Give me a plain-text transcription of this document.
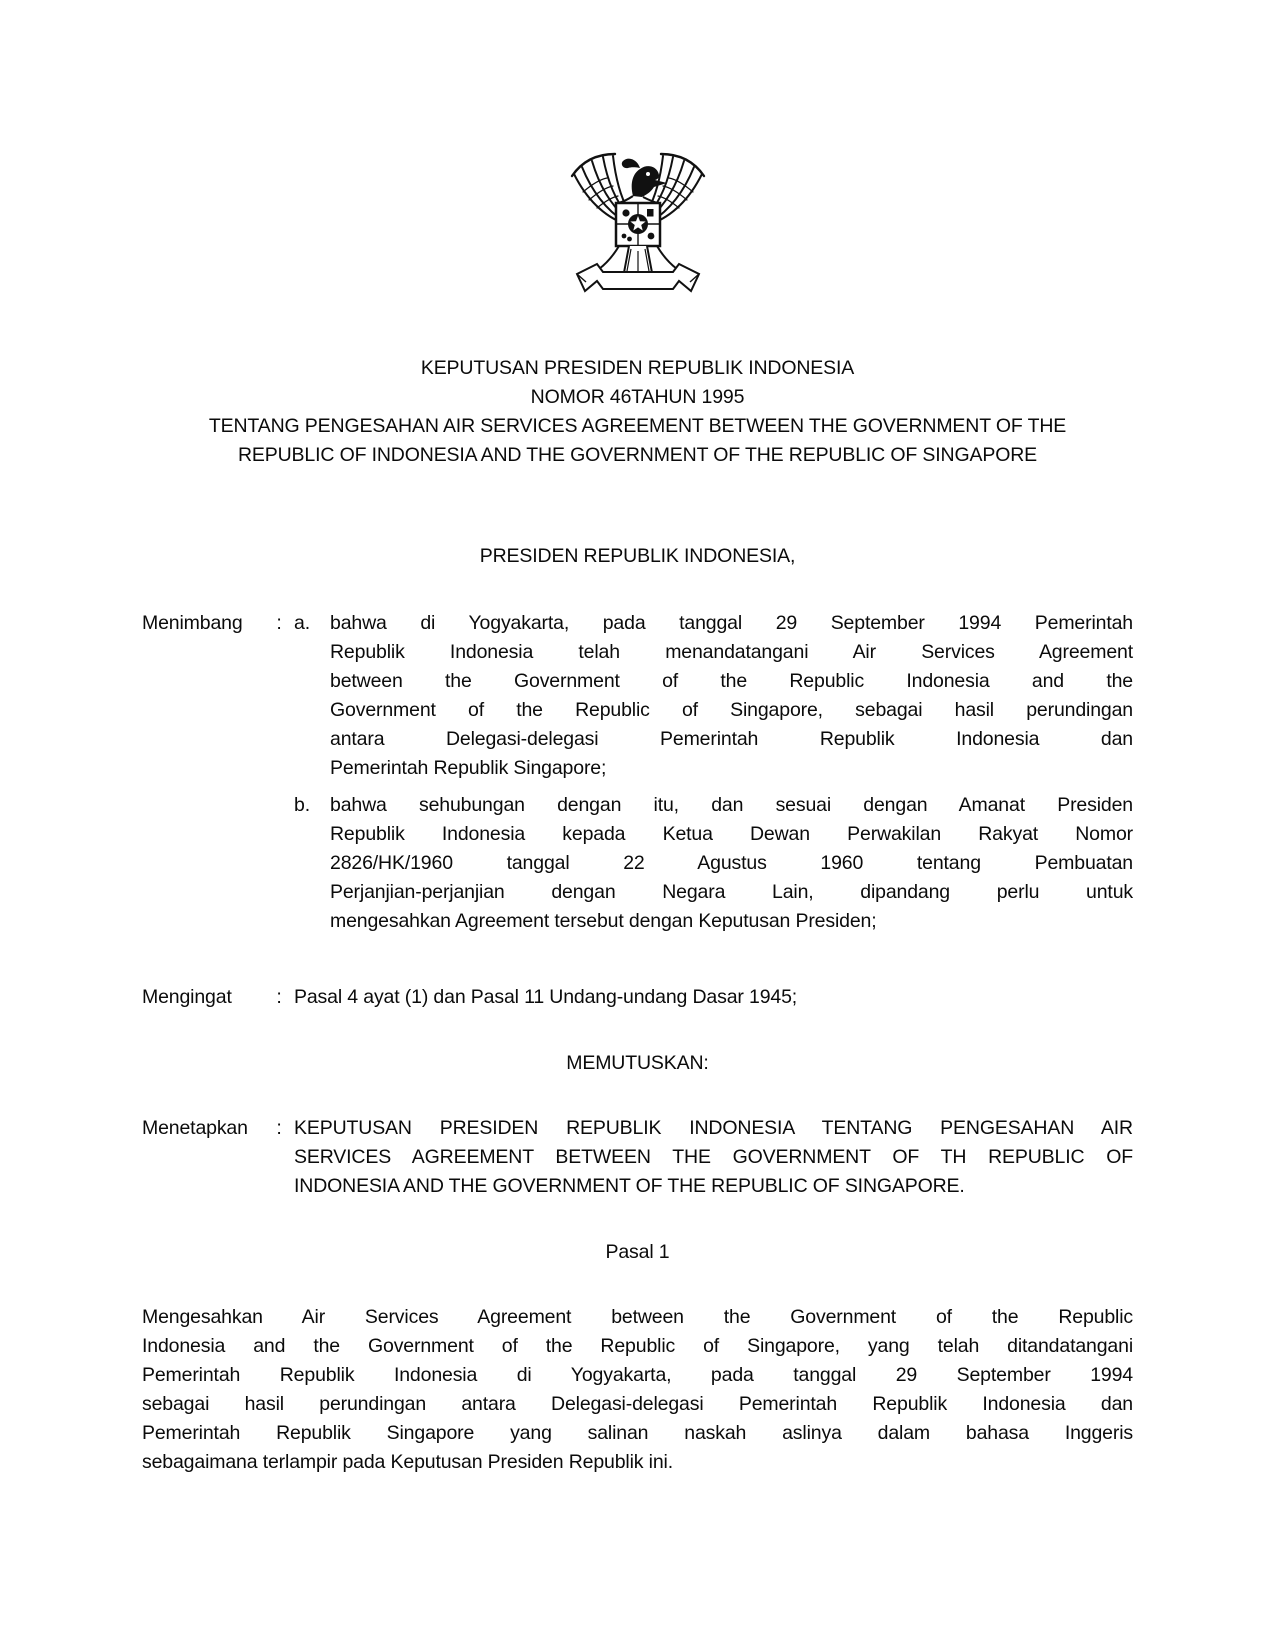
KEPUTUSAN PRESIDEN REPUBLIK INDONESIA
NOMOR 46TAHUN 1995
TENTANG PENGESAHAN AIR SERVICES AGREEMENT BETWEEN THE GOVERNMENT OF THE
REPUBLIC OF INDONESIA AND THE GOVERNMENT OF THE REPUBLIC OF SINGAPORE
PRESIDEN REPUBLIK INDONESIA,
Menimbang	: a.	bahwa di Yogyakarta, pada tanggal 29 September 1994 Pemerintah
Republik Indonesia telah menandatangani Air Services Agreement
between the Government of the Republic Indonesia and the
Government of the Republic of Singapore, sebagai hasil perundingan
antara Delegasi-delegasi Pemerintah Republik Indonesia dan
Pemerintah Republik Singapore;
b.	bahwa sehubungan dengan itu, dan sesuai dengan Amanat Presiden
Republik Indonesia kepada Ketua Dewan Perwakilan Rakyat Nomor
2826/HK/1960 tanggal 22 Agustus 1960 tentang Pembuatan
Perjanjian-perjanjian dengan Negara Lain, dipandang perlu untuk
mengesahkan Agreement tersebut dengan Keputusan Presiden;
Mengingat	: Pasal 4 ayat (1) dan Pasal 11 Undang-undang Dasar 1945;
MEMUTUSKAN:
Menetapkan	: KEPUTUSAN PRESIDEN REPUBLIK INDONESIA TENTANG PENGESAHAN AIR
SERVICES AGREEMENT BETWEEN THE GOVERNMENT OF TH REPUBLIC OF
INDONESIA AND THE GOVERNMENT OF THE REPUBLIC OF SINGAPORE.
Pasal 1
Mengesahkan Air Services Agreement between the Government of the Republic
Indonesia and the Government of the Republic of Singapore, yang telah ditandatangani
Pemerintah Republik Indonesia di Yogyakarta, pada tanggal 29 September 1994
sebagai hasil perundingan antara Delegasi-delegasi Pemerintah Republik Indonesia dan
Pemerintah Republik Singapore yang salinan naskah aslinya dalam bahasa Inggeris
sebagaimana terlampir pada Keputusan Presiden Republik ini.
